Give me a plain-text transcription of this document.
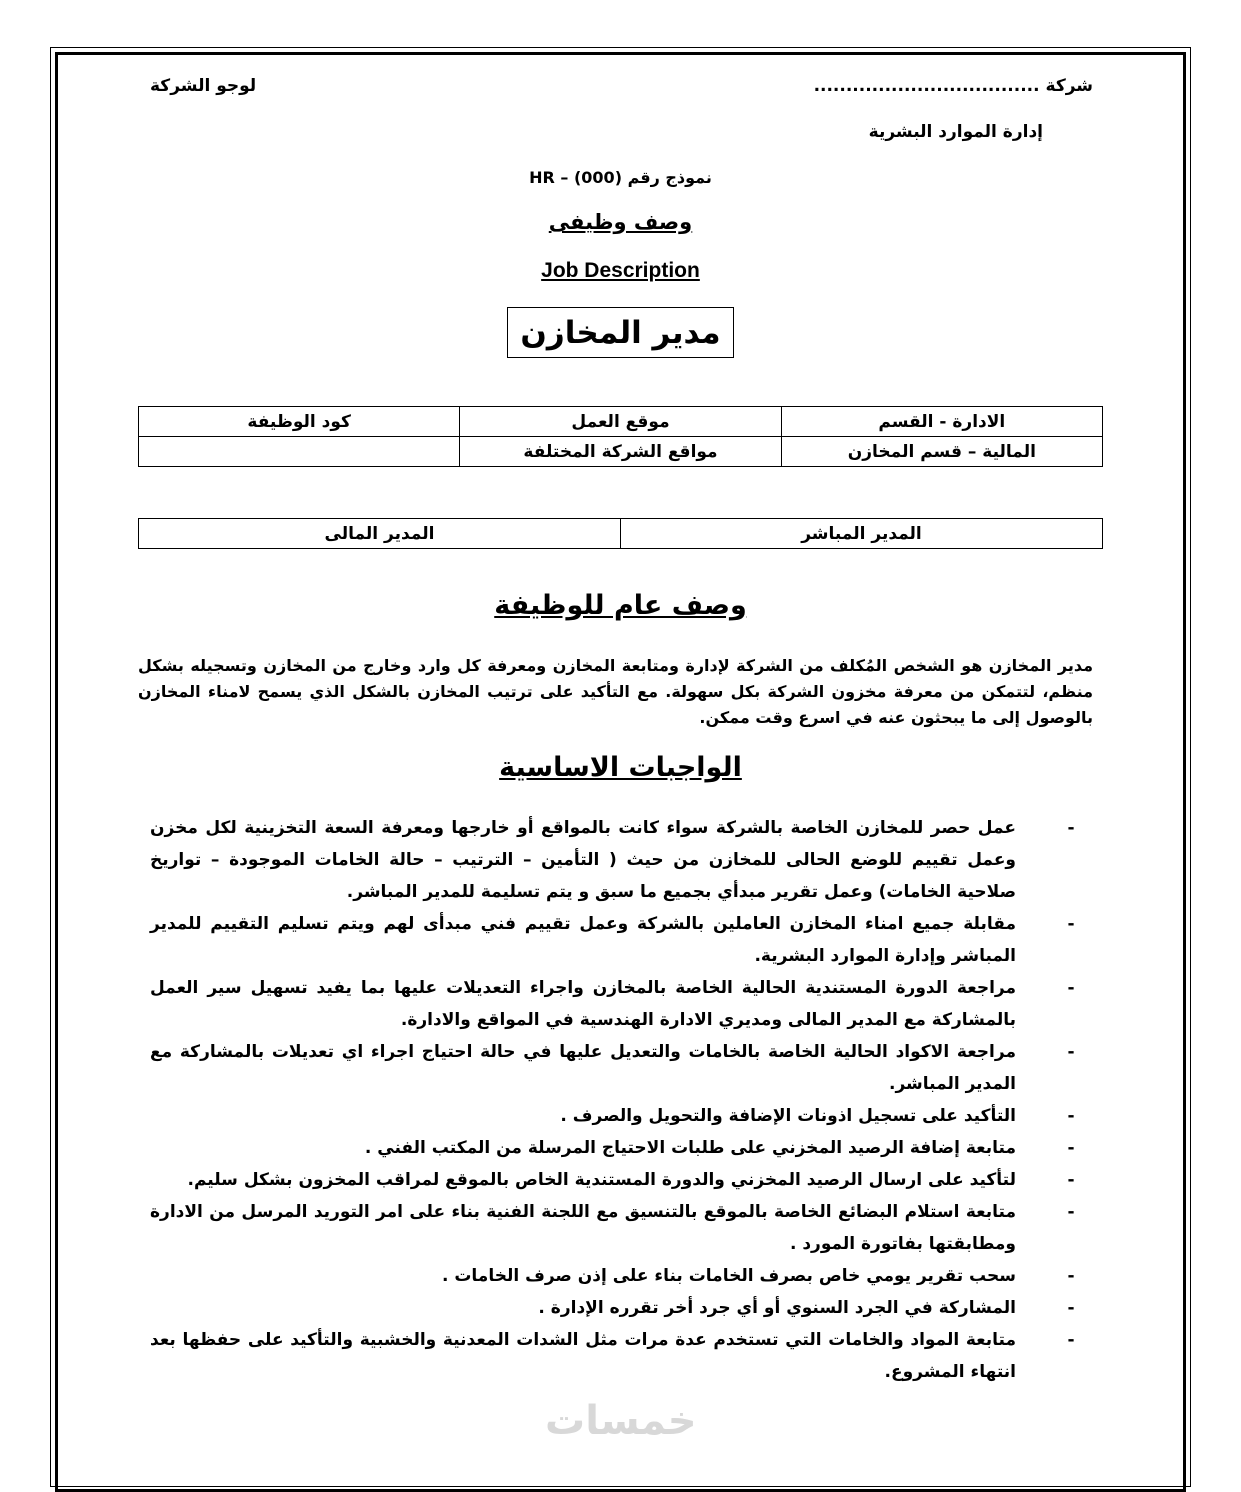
شركة ...................................
لوجو الشركة
إدارة الموارد البشرية
نموذج رقم (000) – HR
وصف وظيفى
Job Description
مدير المخازن
الادارة - القسم	موقع العمل	كود الوظيفة
المالية – قسم المخازن	مواقع الشركة المختلفة	
المدير المباشر	المدير المالى
وصف عام للوظيفة
مدير المخازن هو الشخص المُكلف من الشركة لإدارة ومتابعة المخازن ومعرفة كل وارد وخارج من المخازن وتسجيله بشكل منظم، لتتمكن من معرفة مخزون الشركة بكل سهولة. مع التأكيد على ترتيب المخازن بالشكل الذي يسمح لامناء المخازن بالوصول إلى ما يبحثون عنه في اسرع وقت ممكن.
الواجبات الاساسية
-
عمل حصر للمخازن الخاصة بالشركة سواء كانت بالمواقع أو خارجها ومعرفة السعة التخزينية لكل مخزن وعمل تقييم للوضع الحالى للمخازن من حيث ( التأمين – الترتيب – حالة الخامات الموجودة – تواريخ صلاحية الخامات) وعمل تقرير مبدأي بجميع ما سبق و يتم تسليمة للمدير المباشر.
-
مقابلة جميع امناء المخازن العاملين بالشركة وعمل تقييم فني مبدأى لهم ويتم تسليم التقييم للمدير المباشر وإدارة الموارد البشرية.
-
مراجعة الدورة المستندية الحالية الخاصة بالمخازن واجراء التعديلات عليها بما يفيد تسهيل سير العمل بالمشاركة مع المدير المالى ومديري الادارة الهندسية في المواقع والادارة.
-
مراجعة الاكواد الحالية الخاصة بالخامات والتعديل عليها في حالة احتياج اجراء اي تعديلات بالمشاركة مع المدير المباشر.
-
التأكيد على تسجيل اذونات الإضافة والتحويل والصرف .
-
متابعة إضافة الرصيد المخزني على طلبات الاحتياج المرسلة من المكتب الفني .
-
لتأكيد على ارسال الرصيد المخزني والدورة المستندية الخاص بالموقع لمراقب المخزون بشكل سليم.
-
متابعة استلام البضائع الخاصة بالموقع بالتنسيق مع اللجنة الفنية بناء على امر التوريد المرسل من الادارة ومطابقتها بفاتورة المورد .
-
سحب تقرير يومي خاص بصرف الخامات بناء على إذن صرف الخامات .
-
المشاركة في الجرد السنوي أو أي جرد أخر تقرره الإدارة .
-
متابعة المواد والخامات التي تستخدم عدة مرات مثل الشدات المعدنية والخشبية والتأكيد على حفظها بعد انتهاء المشروع.
خمسات
